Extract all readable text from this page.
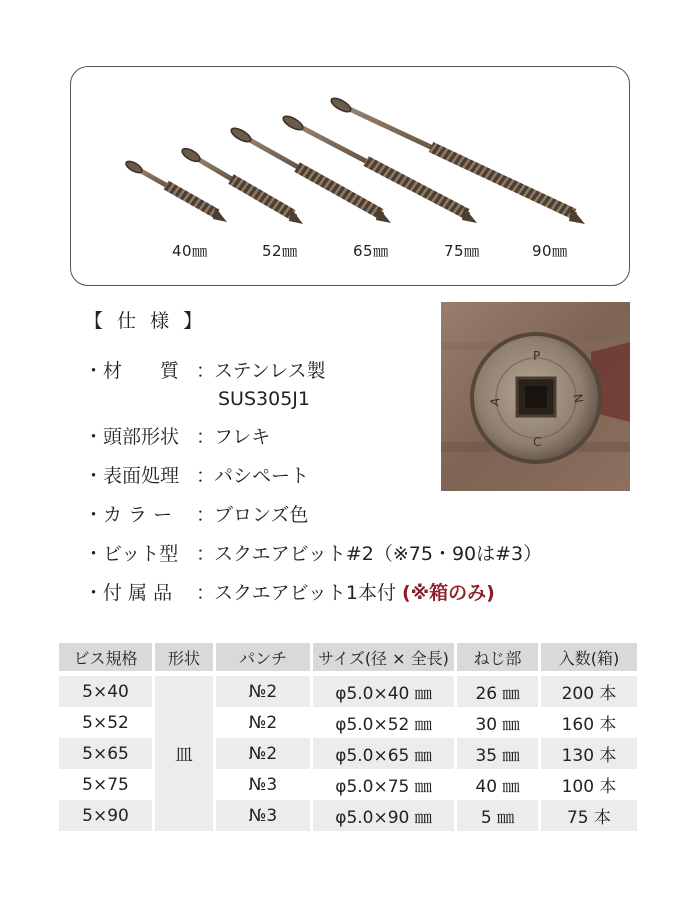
40㎜	52㎜	65㎜	75㎜	90㎜
【 仕 様 】
・材　　質 ：ステンレス製
SUS305J1
・頭部形状 ：フレキ
・表面処理 ：パシペート
・カ ラ ー ：ブロンズ色
・ビット型 ：スクエアビット#2（※75・90は#3）
・付 属 品 ：スクエアビット1本付 (※箱のみ)
P
A	N
C
ビス規格	形状	パンチ	サイズ(径 × 全長)	ねじ部	入数(箱)

5×40	皿	№2	φ5.0×40 ㎜	26 ㎜	200 本
5×52		№2	φ5.0×52 ㎜	30 ㎜	160 本
5×65		№2	φ5.0×65 ㎜	35 ㎜	130 本
5×75		№3	φ5.0×75 ㎜	40 ㎜	100 本
5×90		№3	φ5.0×90 ㎜	5 ㎜	75 本
